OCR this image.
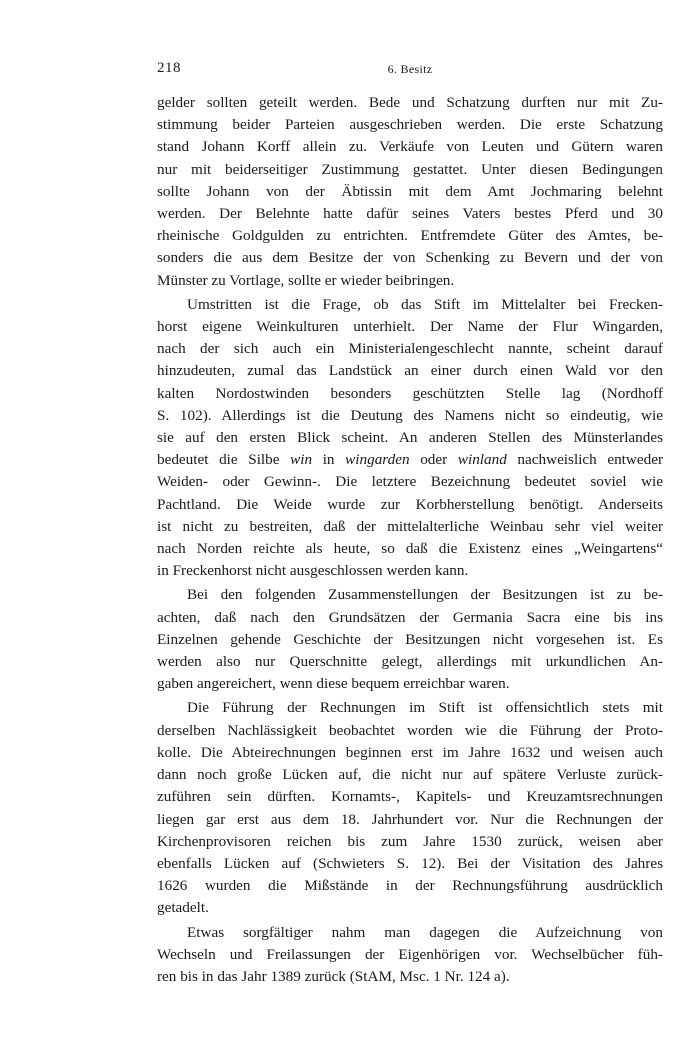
218	6. Besitz

gelder sollten geteilt werden. Bede und Schatzung durften nur mit Zu-
stimmung beider Parteien ausgeschrieben werden. Die erste Schatzung
stand Johann Korff allein zu. Verkäufe von Leuten und Gütern waren
nur mit beiderseitiger Zustimmung gestattet. Unter diesen Bedingungen
sollte Johann von der Äbtissin mit dem Amt Jochmaring belehnt
werden. Der Belehnte hatte dafür seines Vaters bestes Pferd und 30
rheinische Goldgulden zu entrichten. Entfremdete Güter des Amtes, be-
sonders die aus dem Besitze der von Schenking zu Bevern und der von
Münster zu Vortlage, sollte er wieder beibringen.

Umstritten ist die Frage, ob das Stift im Mittelalter bei Frecken-
horst eigene Weinkulturen unterhielt. Der Name der Flur Wingarden,
nach der sich auch ein Ministerialengeschlecht nannte, scheint darauf
hinzudeuten, zumal das Landstück an einer durch einen Wald vor den
kalten Nordostwinden besonders geschützten Stelle lag (Nordhoff
S. 102). Allerdings ist die Deutung des Namens nicht so eindeutig, wie
sie auf den ersten Blick scheint. An anderen Stellen des Münsterlandes
bedeutet die Silbe win in wingarden oder winland nachweislich entweder
Weiden- oder Gewinn-. Die letztere Bezeichnung bedeutet soviel wie
Pachtland. Die Weide wurde zur Korbherstellung benötigt. Anderseits
ist nicht zu bestreiten, daß der mittelalterliche Weinbau sehr viel weiter
nach Norden reichte als heute, so daß die Existenz eines „Weingartens“
in Freckenhorst nicht ausgeschlossen werden kann.

Bei den folgenden Zusammenstellungen der Besitzungen ist zu be-
achten, daß nach den Grundsätzen der Germania Sacra eine bis ins
Einzelnen gehende Geschichte der Besitzungen nicht vorgesehen ist. Es
werden also nur Querschnitte gelegt, allerdings mit urkundlichen An-
gaben angereichert, wenn diese bequem erreichbar waren.

Die Führung der Rechnungen im Stift ist offensichtlich stets mit
derselben Nachlässigkeit beobachtet worden wie die Führung der Proto-
kolle. Die Abteirechnungen beginnen erst im Jahre 1632 und weisen auch
dann noch große Lücken auf, die nicht nur auf spätere Verluste zurück-
zuführen sein dürften. Kornamts-, Kapitels- und Kreuzamtsrechnungen
liegen gar erst aus dem 18. Jahrhundert vor. Nur die Rechnungen der
Kirchenprovisoren reichen bis zum Jahre 1530 zurück, weisen aber
ebenfalls Lücken auf (Schwieters S. 12). Bei der Visitation des Jahres
1626 wurden die Mißstände in der Rechnungsführung ausdrücklich
getadelt.

Etwas sorgfältiger nahm man dagegen die Aufzeichnung von
Wechseln und Freilassungen der Eigenhörigen vor. Wechselbücher füh-
ren bis in das Jahr 1389 zurück (StAM, Msc. 1 Nr. 124 a).
